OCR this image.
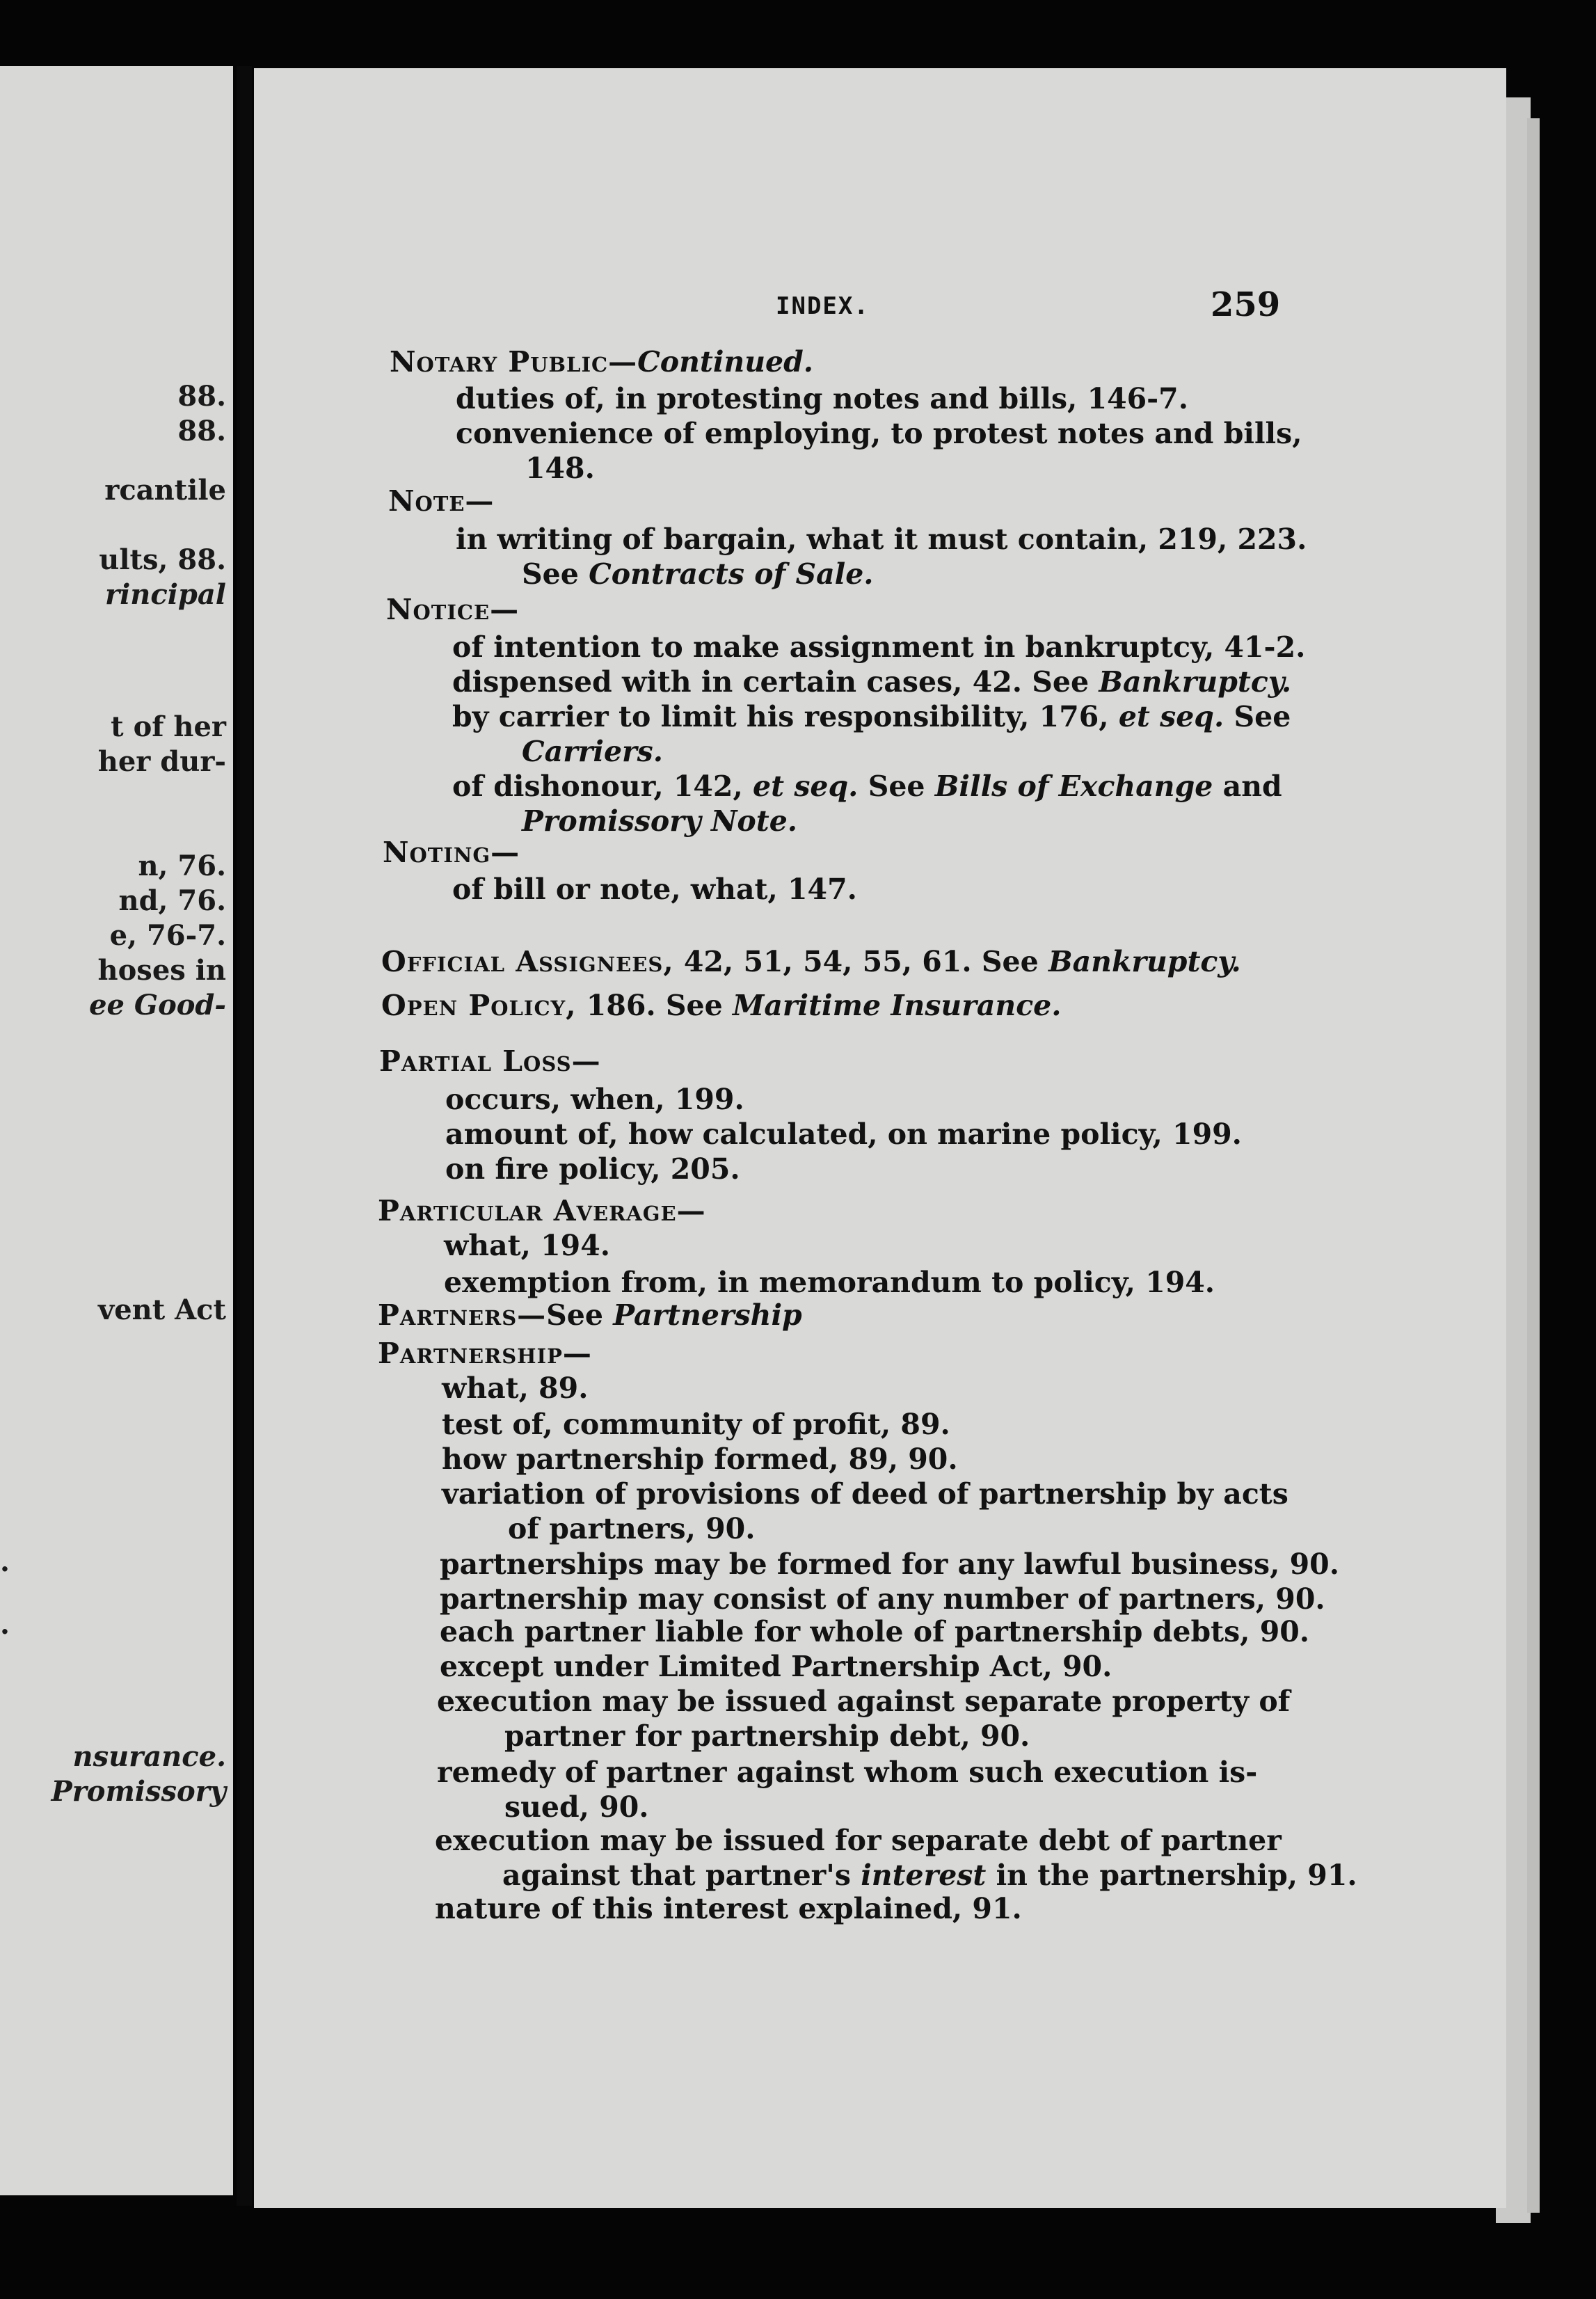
88.
88.
rcantile
ults, 88.
rincipal
t of her
her dur-
n, 76.
nd, 76.
e, 76-7.
hoses in
ee Good-
vent Act
.
.
nsurance.
Promissory
INDEX.	259
Notary Public—Continued.
duties of, in protesting notes and bills, 146-7.
convenience of employing, to protest notes and bills,
148.
Note—
in writing of bargain, what it must contain, 219, 223.
See Contracts of Sale.
Notice—
of intention to make assignment in bankruptcy, 41-2.
dispensed with in certain cases, 42. See Bankruptcy.
by carrier to limit his responsibility, 176, et seq. See
Carriers.
of dishonour, 142, et seq. See Bills of Exchange and
Promissory Note.
Noting—
of bill or note, what, 147.
Official Assignees, 42, 51, 54, 55, 61. See Bankruptcy.
Open Policy, 186. See Maritime Insurance.
Partial Loss—
occurs, when, 199.
amount of, how calculated, on marine policy, 199.
on fire policy, 205.
Particular Average—
what, 194.
exemption from, in memorandum to policy, 194.
Partners—See Partnership
Partnership—
what, 89.
test of, community of profit, 89.
how partnership formed, 89, 90.
variation of provisions of deed of partnership by acts
of partners, 90.
partnerships may be formed for any lawful business, 90.
partnership may consist of any number of partners, 90.
each partner liable for whole of partnership debts, 90.
except under Limited Partnership Act, 90.
execution may be issued against separate property of
partner for partnership debt, 90.
remedy of partner against whom such execution is-
sued, 90.
execution may be issued for separate debt of partner
against that partner's interest in the partnership, 91.
nature of this interest explained, 91.
